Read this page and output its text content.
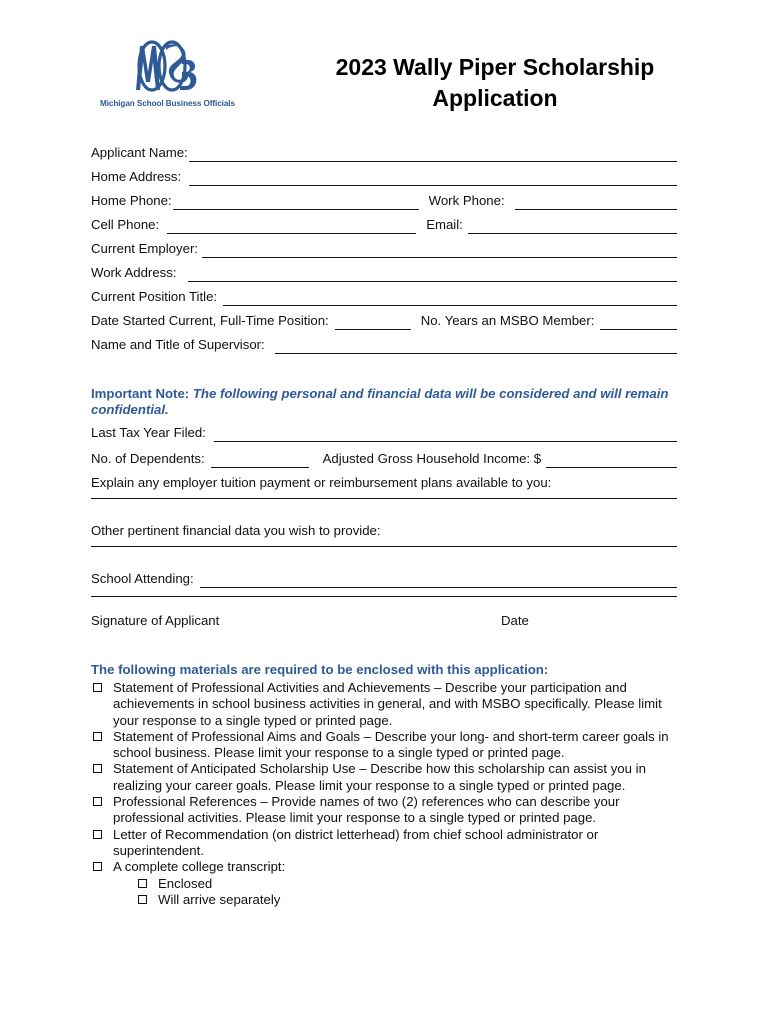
Michigan School Business Officials
2023 Wally Piper Scholarship
Application
Applicant Name:
Home Address:
Home Phone:	Work Phone:
Cell Phone:	Email:
Current Employer:
Work Address:
Current Position Title:
Date Started Current, Full-Time Position:	No. Years an MSBO Member:
Name and Title of Supervisor:
Important Note: The following personal and financial data will be considered and will remain confidential.
Last Tax Year Filed:
No. of Dependents:	Adjusted Gross Household Income: $
Explain any employer tuition payment or reimbursement plans available to you:
Other pertinent financial data you wish to provide:
School Attending:
Signature of Applicant	Date
The following materials are required to be enclosed with this application:
Statement of Professional Activities and Achievements – Describe your participation and achievements in school business activities in general, and with MSBO specifically. Please limit your response to a single typed or printed page.
Statement of Professional Aims and Goals – Describe your long- and short-term career goals in school business. Please limit your response to a single typed or printed page.
Statement of Anticipated Scholarship Use – Describe how this scholarship can assist you in realizing your career goals. Please limit your response to a single typed or printed page.
Professional References – Provide names of two (2) references who can describe your professional activities. Please limit your response to a single typed or printed page.
Letter of Recommendation (on district letterhead) from chief school administrator or superintendent.
A complete college transcript:
Enclosed
Will arrive separately
